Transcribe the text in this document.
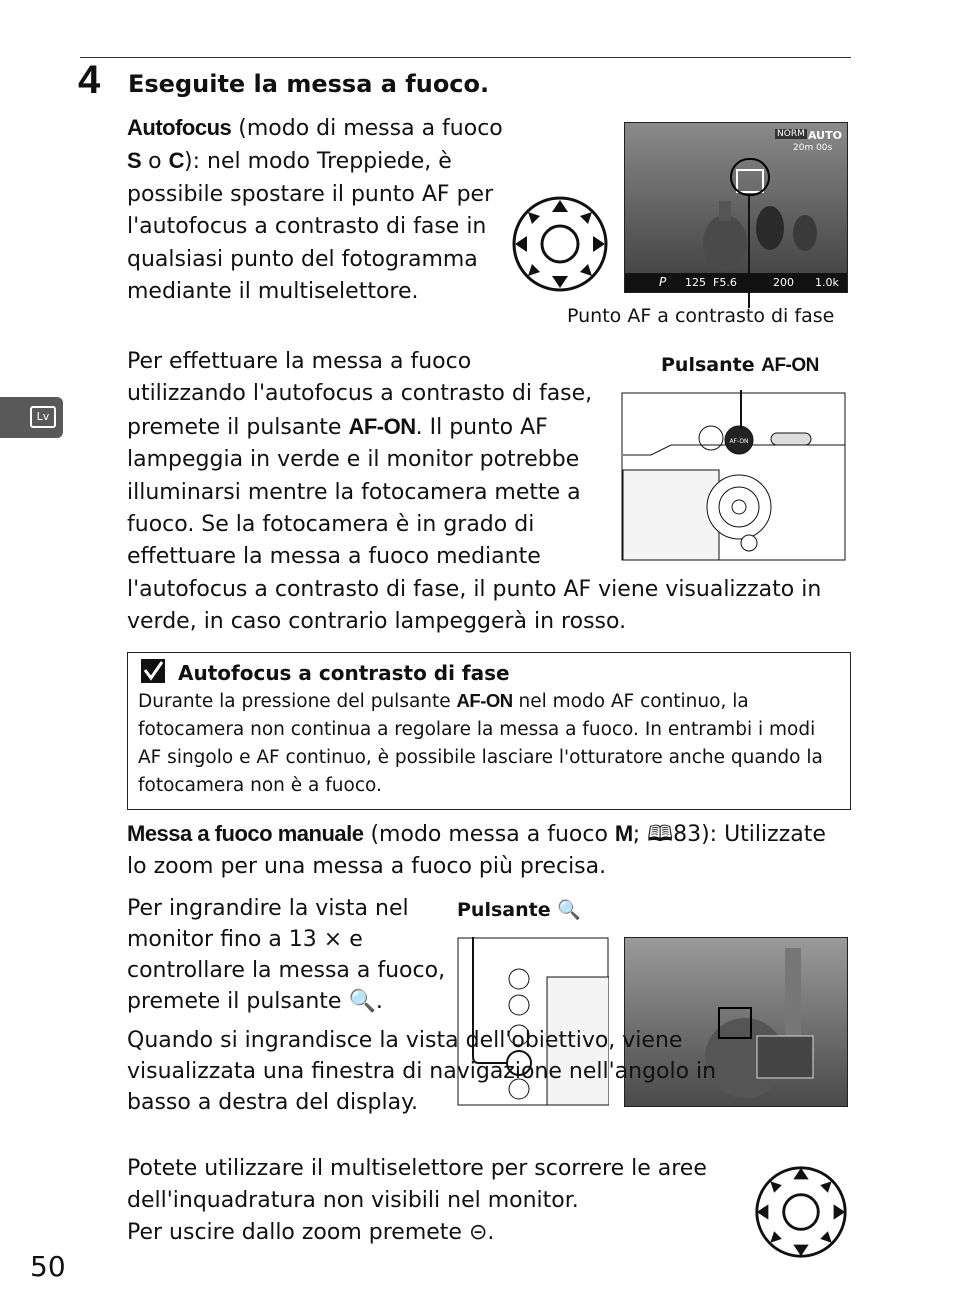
4 Eseguite la messa a fuoco.
Autofocus (modo di messa a fuoco S o C): nel modo Treppiede, è possibile spostare il punto AF per l'autofocus a contrasto di fase in qualsiasi punto del fotogramma mediante il multiselettore.
NORM AUTO
20m 00s
P 125 F5.6	200 1.0k
Punto AF a contrasto di fase
Per effettuare la messa a fuoco
utilizzando l'autofocus a contrasto di fase,
premete il pulsante AF-ON. Il punto AF
lampeggia in verde e il monitor potrebbe
illuminarsi mentre la fotocamera mette a
fuoco. Se la fotocamera è in grado di
effettuare la messa a fuoco mediante
l'autofocus a contrasto di fase, il punto AF viene visualizzato in
verde, in caso contrario lampeggerà in rosso.
Pulsante AF-ON
AF-ON
Autofocus a contrasto di fase
Durante la pressione del pulsante AF-ON nel modo AF continuo, la fotocamera non continua a regolare la messa a fuoco. In entrambi i modi AF singolo e AF continuo, è possibile lasciare l'otturatore anche quando la fotocamera non è a fuoco.
Messa a fuoco manuale (modo messa a fuoco M; 🕮83): Utilizzate lo zoom per una messa a fuoco più precisa.
Per ingrandire la vista nel monitor fino a 13 × e controllare la messa a fuoco, premete il pulsante 🔍.
Pulsante 🔍
Quando si ingrandisce la vista dell'obiettivo, viene visualizzata una finestra di navigazione nell'angolo in basso a destra del display.
Potete utilizzare il multiselettore per scorrere le aree
dell'inquadratura non visibili nel monitor.
Per uscire dallo zoom premete ⊝.
Lv
50
